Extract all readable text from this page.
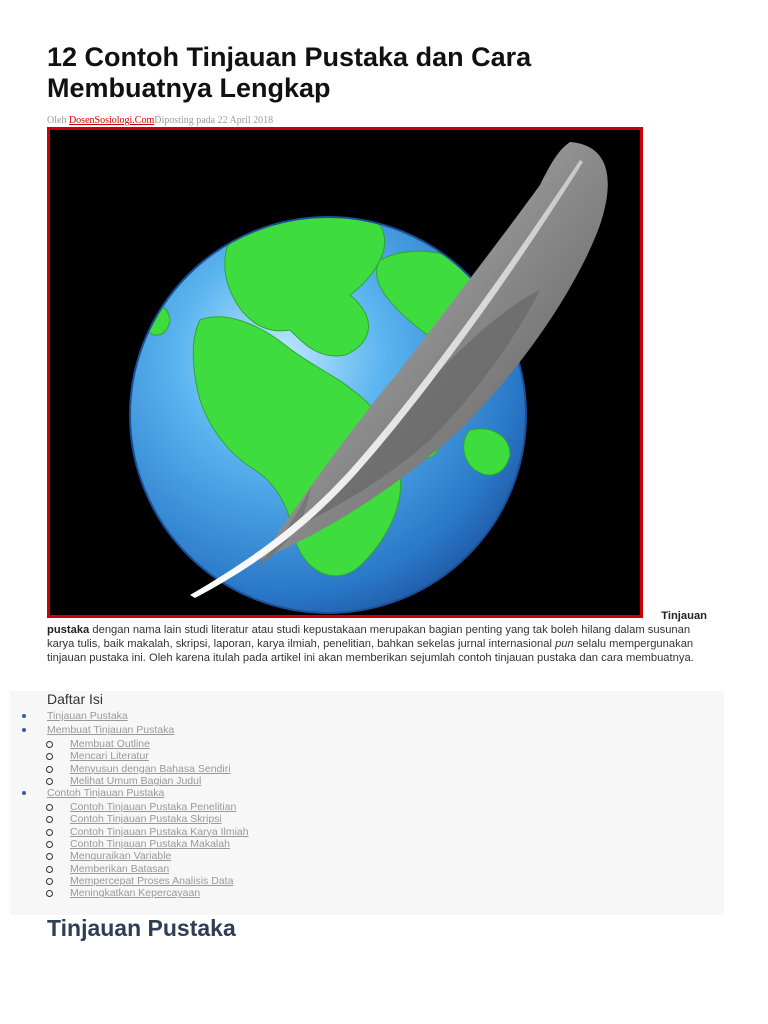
12 Contoh Tinjauan Pustaka dan Cara Membuatnya Lengkap
Oleh DosenSosiologi.ComDiposting pada 22 April 2018

Tinjauan

pustaka dengan nama lain studi literatur atau studi kepustakaan merupakan bagian penting yang tak boleh hilang dalam susunan karya tulis, baik makalah, skripsi, laporan, karya ilmiah, penelitian, bahkan sekelas jurnal internasional pun selalu mempergunakan tinjauan pustaka ini. Oleh karena itulah pada artikel ini akan memberikan sejumlah contoh tinjauan pustaka dan cara membuatnya.

Daftar Isi
Tinjauan Pustaka
Membuat Tinjauan Pustaka
Membuat Outline
Mencari Literatur
Menyusun dengan Bahasa Sendiri
Melihat Umum Bagian Judul
Contoh Tinjauan Pustaka
Contoh Tinjauan Pustaka Penelitian
Contoh Tinjauan Pustaka Skripsi
Contoh Tinjauan Pustaka Karya Ilmiah
Contoh Tinjauan Pustaka Makalah
Menguraikan Variable
Memberikan Batasan
Mempercepat Proses Analisis Data
Meningkatkan Kepercayaan
Tinjauan Pustaka
